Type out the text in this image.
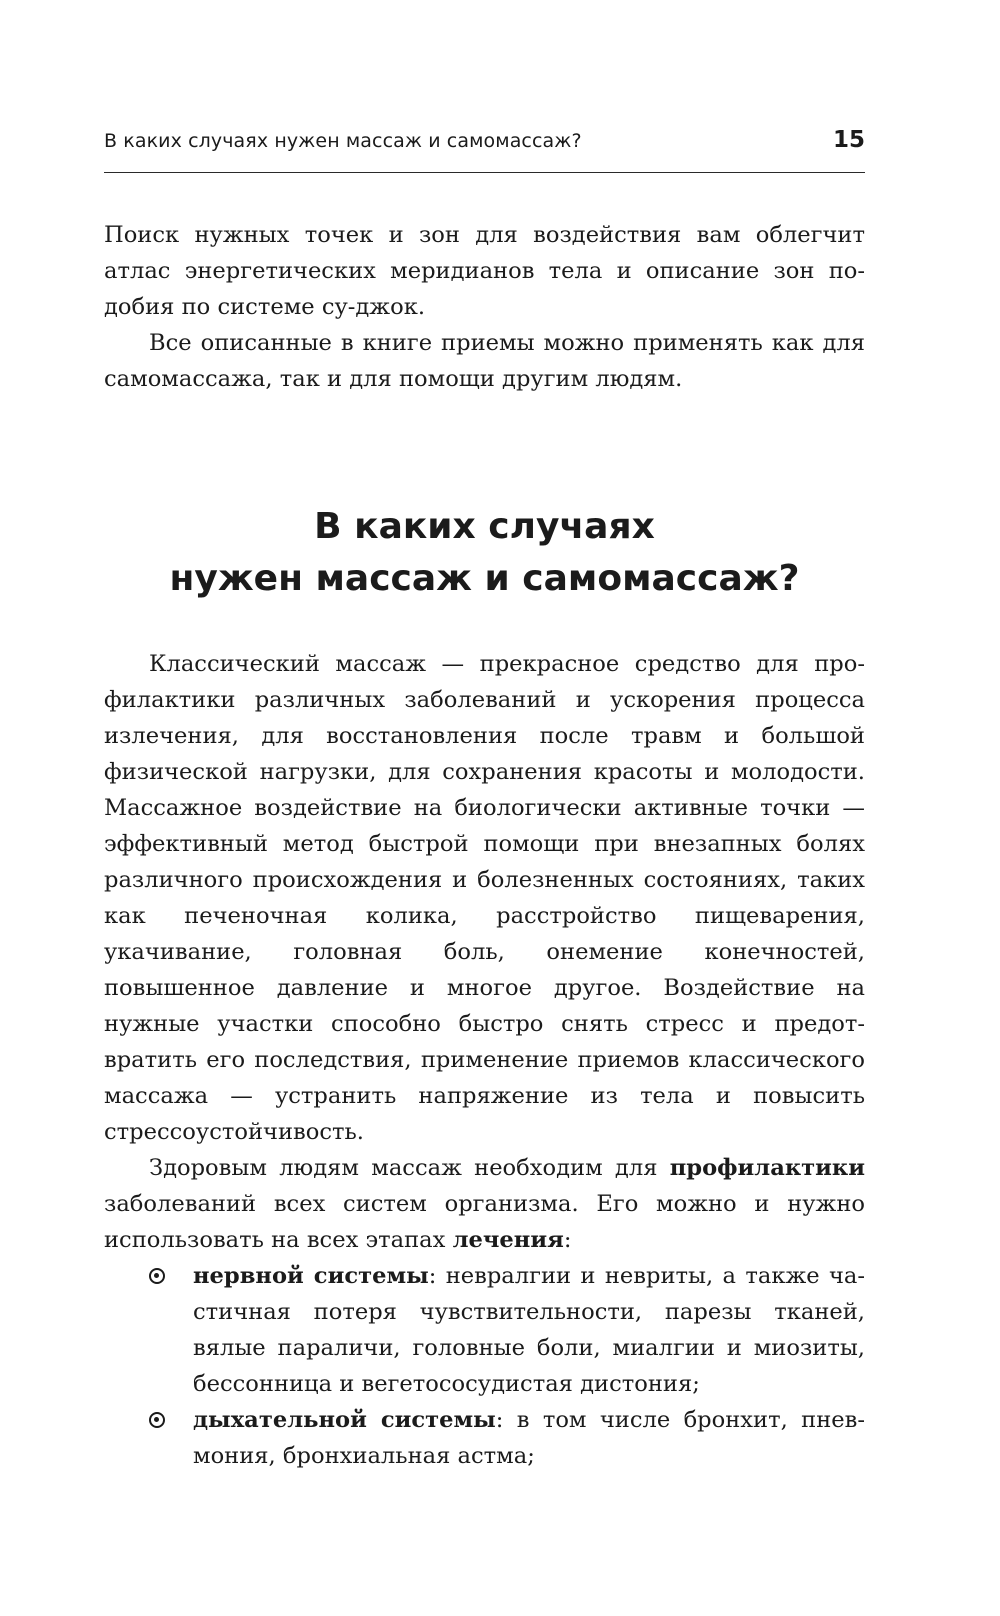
В каких случаях нужен массаж и самомассаж?	15

Поиск нужных точек и зон для воздействия вам облегчит атлас энергетических меридианов тела и описание зон подобия по системе су-джок.

Все описанные в книге приемы можно применять как для самомассажа, так и для помощи другим людям.

В каких случаях
нужен массаж и самомассаж?

Классический массаж — прекрасное средство для профилактики различных заболеваний и ускорения процесса излечения, для восстановления после травм и большой физической нагрузки, для сохранения красоты и молодости. Массажное воздействие на биологически активные точки — эффективный метод быстрой помощи при внезапных болях различного происхождения и болезненных состояниях, таких как печеночная колика, расстройство пищеварения, укачивание, головная боль, онемение конечностей, повышенное давление и многое другое. Воздействие на нужные участки способно быстро снять стресс и предотвратить его последствия, применение приемов классического массажа — устранить напряжение из тела и повысить стрессоустойчивость.

Здоровым людям массаж необходим для профилактики заболеваний всех систем организма. Его можно и нужно использовать на всех этапах лечения:

нервной системы: невралгии и невриты, а также частичная потеря чувствительности, парезы тканей, вялые параличи, головные боли, миалгии и миозиты, бессонница и вегетососудистая дистония;
дыхательной системы: в том числе бронхит, пневмония, бронхиальная астма;
